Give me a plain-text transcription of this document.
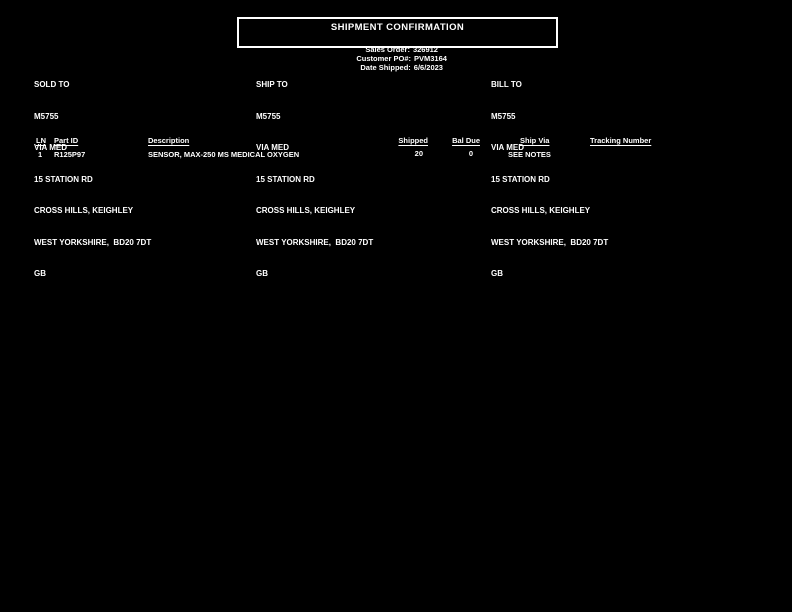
SHIPMENT CONFIRMATION

Sales Order: 326912
Customer PO#: PVM3164
Date Shipped: 6/6/2023

SOLD TO

M5755

VIA MED

15 STATION RD

CROSS HILLS, KEIGHLEY

WEST YORKSHIRE,  BD20 7DT

GB

SHIP TO

M5755

VIA MED

15 STATION RD

CROSS HILLS, KEIGHLEY

WEST YORKSHIRE,  BD20 7DT

GB

BILL TO

M5755

VIA MED

15 STATION RD

CROSS HILLS, KEIGHLEY

WEST YORKSHIRE,  BD20 7DT

GB

LN Part ID	Description	Shipped	Bal Due	Ship Via	Tracking Number
1 R125P97	SENSOR, MAX-250 MS MEDICAL OXYGEN	20	0	SEE NOTES
